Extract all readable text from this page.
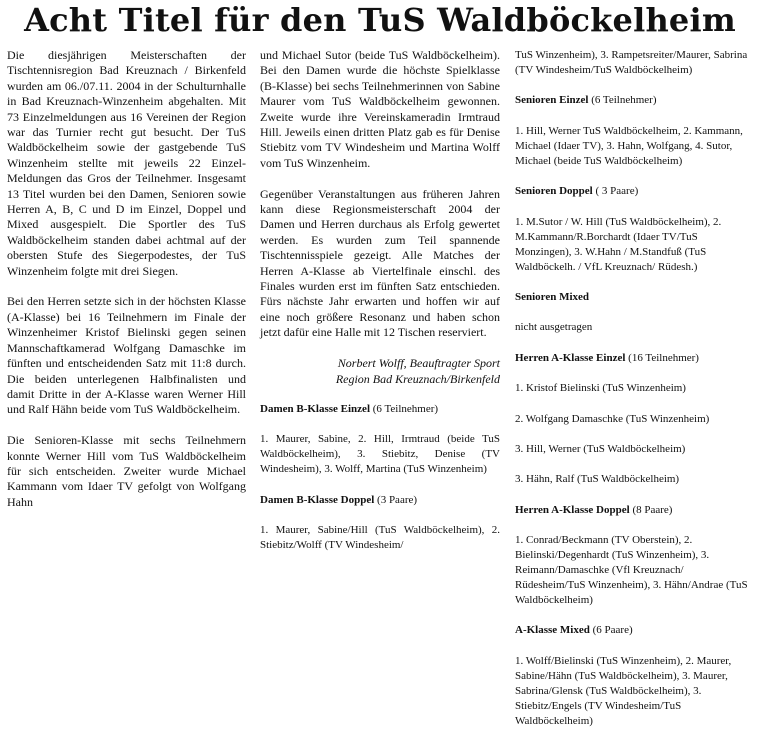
Acht Titel für den TuS Waldböckelheim

Die diesjährigen Meisterschaften der Tischtennisregion Bad Kreuznach / Birkenfeld wurden am 06./07.11. 2004 in der Schulturnhalle in Bad Kreuznach-Winzenheim abgehalten. Mit 73 Einzelmeldungen aus 16 Vereinen der Region war das Turnier recht gut besucht. Der TuS Waldböckelheim sowie der gastgebende TuS Winzenheim stellte mit jeweils 22 Einzel-Meldungen das Gros der Teilnehmer. Insgesamt 13 Titel wurden bei den Damen, Senioren sowie Herren A, B, C und D im Einzel, Doppel und Mixed ausgespielt. Die Sportler des TuS Waldböckelheim standen dabei achtmal auf der obersten Stufe des Siegerpodestes, der TuS Winzenheim folgte mit drei Siegen.

Bei den Herren setzte sich in der höchsten Klasse (A-Klasse) bei 16 Teilnehmern im Finale der Winzenheimer Kristof Bielinski gegen seinen Mannschaftkamerad Wolfgang Damaschke im fünften und entscheidenden Satz mit 11:8 durch. Die beiden unterlegenen Halbfinalisten und damit Dritte in der A-Klasse waren Werner Hill und Ralf Hähn beide vom TuS Waldböckelheim.

Die Senioren-Klasse mit sechs Teilnehmern konnte Werner Hill vom TuS Waldböckelheim für sich entscheiden. Zweiter wurde Michael Kammann vom Idaer TV gefolgt von Wolfgang Hahn

und Michael Sutor (beide TuS Waldböckelheim). Bei den Damen wurde die höchste Spielklasse (B-Klasse) bei sechs Teilnehmerinnen von Sabine Maurer vom TuS Waldböckelheim gewonnen. Zweite wurde ihre Vereinskameradin Irmtraud Hill. Jeweils einen dritten Platz gab es für Denise Stiebitz vom TV Windesheim und Martina Wolff vom TuS Winzenheim.

Gegenüber Veranstaltungen aus früheren Jahren kann diese Regionsmeisterschaft 2004 der Damen und Herren durchaus als Erfolg gewertet werden. Es wurden zum Teil spannende Tischtennisspiele gezeigt. Alle Matches der Herren A-Klasse ab Viertelfinale einschl. des Finales wurden erst im fünften Satz entschieden. Fürs nächste Jahr erwarten und hoffen wir auf eine noch größere Resonanz und haben schon jetzt dafür eine Halle mit 12 Tischen reserviert.

Norbert Wolff, Beauftragter Sport
Region Bad Kreuznach/Birkenfeld

Damen B-Klasse Einzel (6 Teilnehmer)

1. Maurer, Sabine, 2. Hill, Irmtraud (beide TuS Waldböckelheim), 3. Stiebitz, Denise (TV Windesheim), 3. Wolff, Martina (TuS Winzenheim)

Damen B-Klasse Doppel (3 Paare)

1. Maurer, Sabine/Hill (TuS Waldböckelheim), 2. Stiebitz/Wolff (TV Windesheim/

TuS Winzenheim), 3. Rampetsreiter/Maurer, Sabrina (TV Windesheim/TuS Waldböckelheim)

Senioren Einzel (6 Teilnehmer)

1. Hill, Werner TuS Waldböckelheim, 2. Kammann, Michael (Idaer TV), 3. Hahn, Wolfgang, 4. Sutor, Michael (beide TuS Waldböckelheim)

Senioren Doppel ( 3 Paare)

1. M.Sutor / W. Hill (TuS Waldböckelheim), 2. M.Kammann/R.Borchardt (Idaer TV/TuS Monzingen), 3. W.Hahn / M.Standfuß (TuS Waldböckelh. / VfL Kreuznach/ Rüdesh.)

Senioren Mixed

nicht ausgetragen

Herren A-Klasse Einzel (16 Teilnehmer)

1. Kristof Bielinski (TuS Winzenheim)

2. Wolfgang Damaschke (TuS Winzenheim)

3. Hill, Werner (TuS Waldböckelheim)

3. Hähn, Ralf (TuS Waldböckelheim)

Herren A-Klasse Doppel (8 Paare)

1. Conrad/Beckmann (TV Oberstein), 2. Bielinski/Degenhardt (TuS Winzenheim), 3. Reimann/Damaschke (Vfl Kreuznach/ Rüdesheim/TuS Winzenheim), 3. Hähn/Andrae (TuS Waldböckelheim)

A-Klasse Mixed (6 Paare)

1. Wolff/Bielinski (TuS Winzenheim), 2. Maurer, Sabine/Hähn (TuS Waldböckelheim), 3. Maurer, Sabrina/Glensk (TuS Waldböckelheim), 3. Stiebitz/Engels (TV Windesheim/TuS Waldböckelheim)
